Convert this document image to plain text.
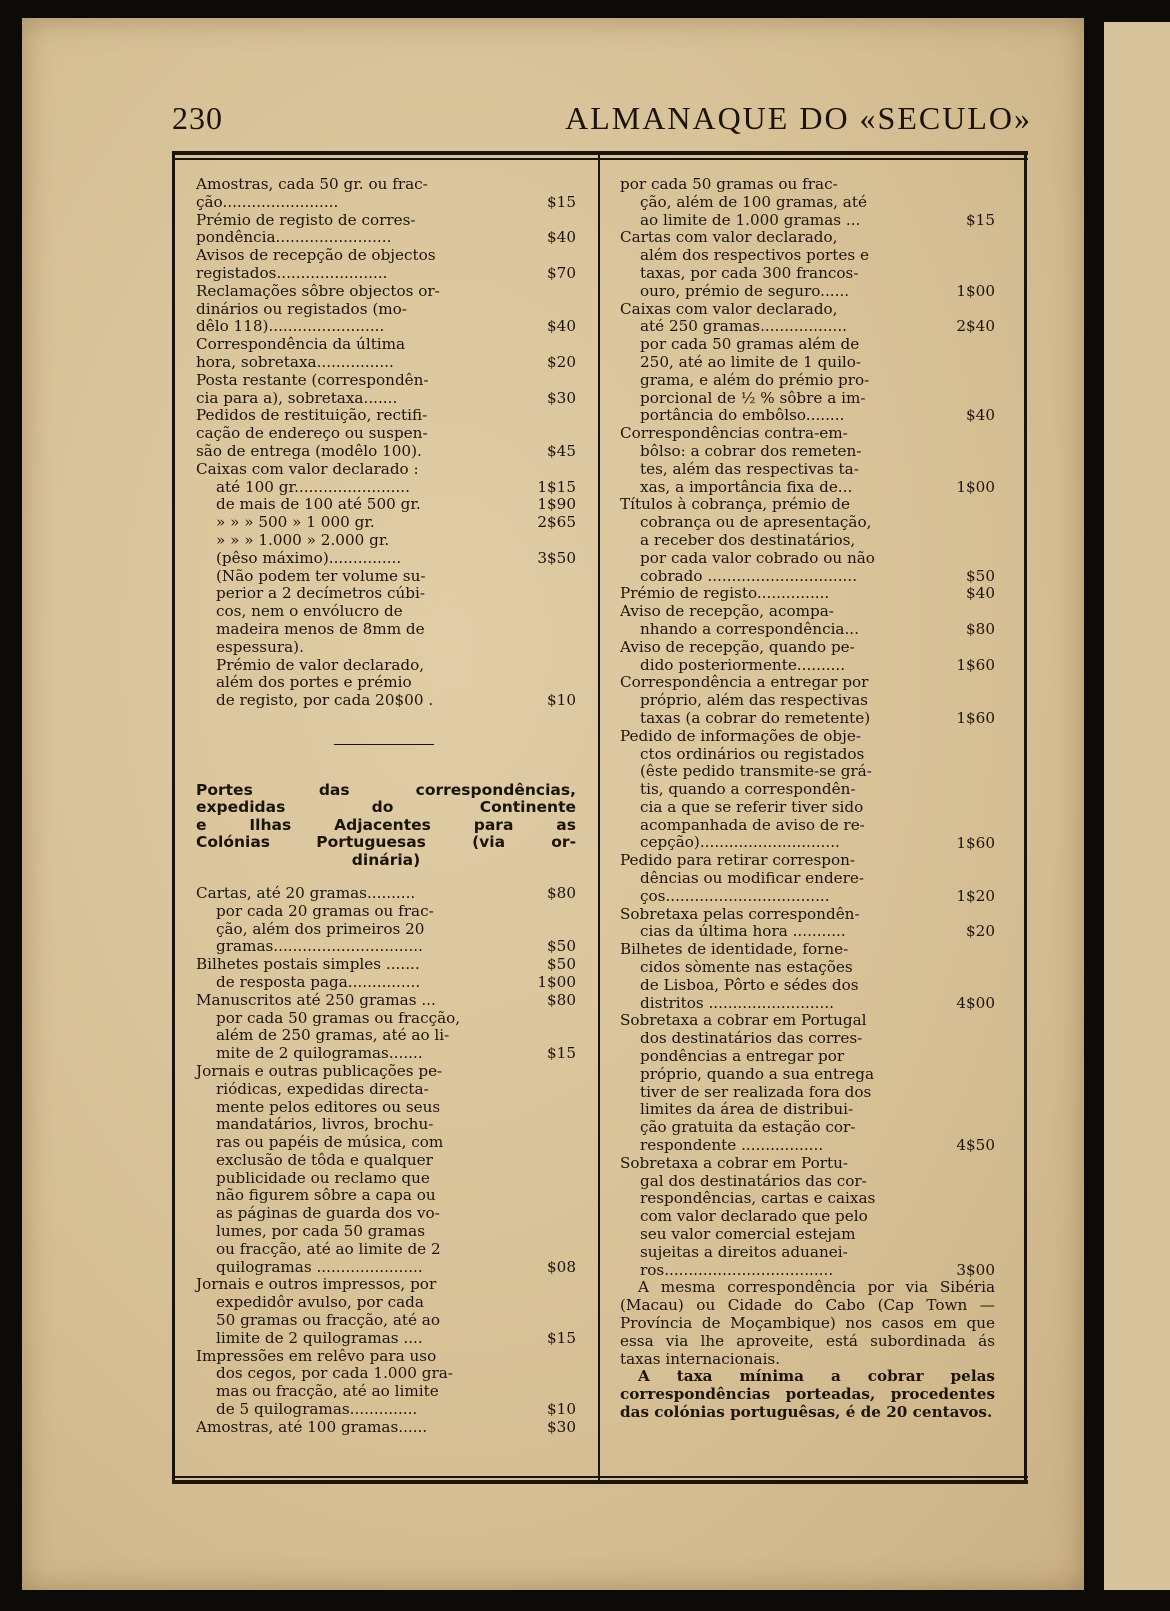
230	ALMANAQUE DO «SECULO»
Amostras, cada 50 gr. ou frac-
ção........................	$15
Prémio de registo de corres-
pondência........................	$40
Avisos de recepção de objectos
registados.......................	$70
Reclamações sôbre objectos or-
dinários ou registados (mo-
dêlo 118)........................	$40
Correspondência da última
hora, sobretaxa................	$20
Posta restante (correspondên-
cia para a), sobretaxa.......	$30
Pedidos de restituição, rectifi-
cação de endereço ou suspen-
são de entrega (modêlo 100).	$45
Caixas com valor declarado :
até 100 gr........................	1$15
de mais de 100 até 500 gr.	1$90
» » » 500 » 1 000 gr.	2$65
» » » 1.000 » 2.000 gr.
(pêso máximo)...............	3$50
(Não podem ter volume su-
perior a 2 decímetros cúbi-
cos, nem o envólucro de
madeira menos de 8mm de
espessura).
Prémio de valor declarado,
além dos portes e prémio
de registo, por cada 20$00 .	$10
Portes das correspondências,
expedidas do Continente
e Ilhas Adjacentes para as
Colónias Portuguesas (via or-
dinária)
Cartas, até 20 gramas..........	$80
por cada 20 gramas ou frac-
ção, além dos primeiros 20
gramas...............................	$50
Bilhetes postais simples .......	$50
de resposta paga...............	1$00
Manuscritos até 250 gramas ...	$80
por cada 50 gramas ou fracção,
além de 250 gramas, até ao li-
mite de 2 quilogramas.......	$15
Jornais e outras publicações pe-
riódicas, expedidas directa-
mente pelos editores ou seus
mandatários, livros, brochu-
ras ou papéis de música, com
exclusão de tôda e qualquer
publicidade ou reclamo que
não figurem sôbre a capa ou
as páginas de guarda dos vo-
lumes, por cada 50 gramas
ou fracção, até ao limite de 2
quilogramas ......................	$08
Jornais e outros impressos, por
expedidôr avulso, por cada
50 gramas ou fracção, até ao
limite de 2 quilogramas ....	$15
Impressões em relêvo para uso
dos cegos, por cada 1.000 gra-
mas ou fracção, até ao limite
de 5 quilogramas..............	$10
Amostras, até 100 gramas......	$30
por cada 50 gramas ou frac-
ção, além de 100 gramas, até
ao limite de 1.000 gramas ...	$15
Cartas com valor declarado,
além dos respectivos portes e
taxas, por cada 300 francos-
ouro, prémio de seguro......	1$00
Caixas com valor declarado,
até 250 gramas..................	2$40
por cada 50 gramas além de
250, até ao limite de 1 quilo-
grama, e além do prémio pro-
porcional de ½ % sôbre a im-
portância do embôlso........	$40
Correspondências contra-em-
bôlso: a cobrar dos remeten-
tes, além das respectivas ta-
xas, a importância fixa de...	1$00
Títulos à cobrança, prémio de
cobrança ou de apresentação,
a receber dos destinatários,
por cada valor cobrado ou não
cobrado ...............................	$50
Prémio de registo...............	$40
Aviso de recepção, acompa-
nhando a correspondência...	$80
Aviso de recepção, quando pe-
dido posteriormente..........	1$60
Correspondência a entregar por
próprio, além das respectivas
taxas (a cobrar do remetente)	1$60
Pedido de informações de obje-
ctos ordinários ou registados
(êste pedido transmite-se grá-
tis, quando a correspondên-
cia a que se referir tiver sido
acompanhada de aviso de re-
cepção).............................	1$60
Pedido para retirar correspon-
dências ou modificar endere-
ços..................................	1$20
Sobretaxa pelas correspondên-
cias da última hora ...........	$20
Bilhetes de identidade, forne-
cidos sòmente nas estações
de Lisboa, Pôrto e sédes dos
distritos ..........................	4$00
Sobretaxa a cobrar em Portugal
dos destinatários das corres-
pondências a entregar por
próprio, quando a sua entrega
tiver de ser realizada fora dos
limites da área de distribui-
ção gratuita da estação cor-
respondente .................	4$50
Sobretaxa a cobrar em Portu-
gal dos destinatários das cor-
respondências, cartas e caixas
com valor declarado que pelo
seu valor comercial estejam
sujeitas a direitos aduanei-
ros...................................	3$00
A mesma correspondência por via Sibéria (Macau) ou Cidade do Cabo (Cap Town — Província de Moçambique) nos casos em que essa via lhe aproveite, está subordinada ás taxas internacionais.
A taxa mínima a cobrar pelas correspondências porteadas, procedentes das colónias portuguêsas, é de 20 centavos.
